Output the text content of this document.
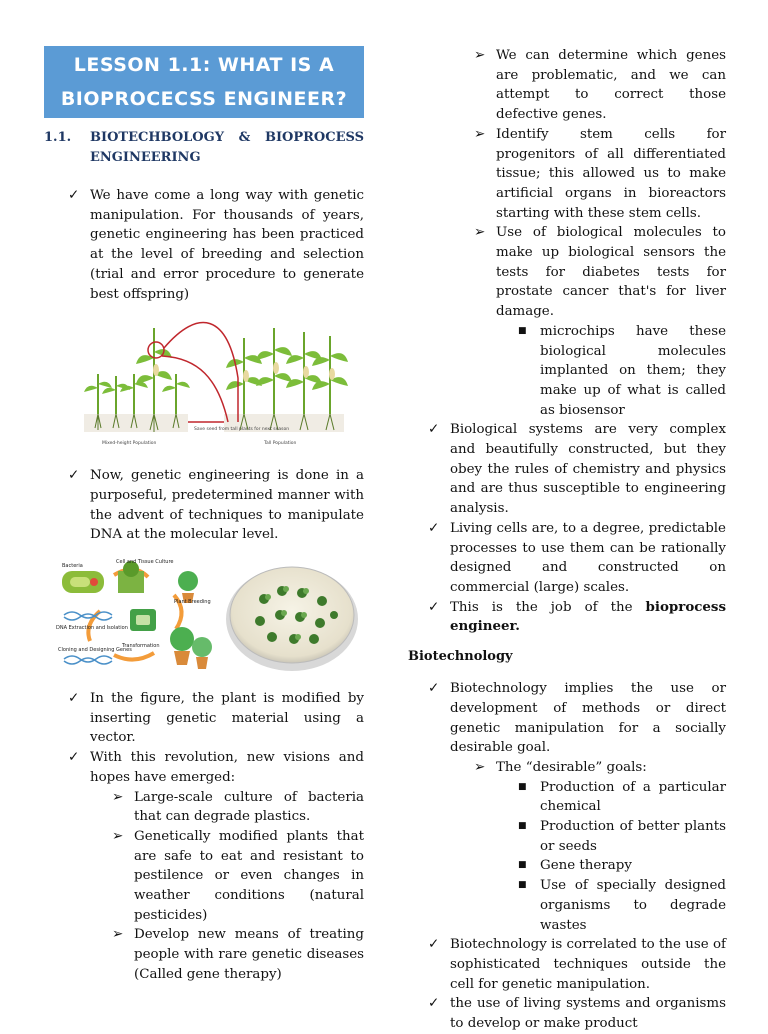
LESSON 1.1: WHAT IS A BIOPROCECSS ENGINEER?
1.1.	BIOTECHBOLOGY & BIOPROCESS ENGINEERING
✓ We have come a long way with genetic manipulation. For thousands of years, genetic engineering has been practiced at the level of breeding and selection (trial and error procedure to generate best offspring)
Mixed-height Population
Save seed from tall plants for next season
Tall Population
✓ Now, genetic engineering is done in a purposeful, predetermined manner with the advent of techniques to manipulate DNA at the molecular level.
Bacteria
Cell and Tissue Culture
Plant Breeding
DNA Extraction and Isolation
Cloning and Designing Genes
Transformation
✓ In the figure, the plant is modified by inserting genetic material using a vector.
✓ With this revolution, new visions and hopes have emerged:
➢ Large-scale culture of bacteria that can degrade plastics.
➢ Genetically modified plants that are safe to eat and resistant to pestilence or even changes in weather conditions (natural pesticides)
➢ Develop new means of treating people with rare genetic diseases (Called gene therapy)
➢ We can determine which genes are problematic, and we can attempt to correct those defective genes.
➢ Identify stem cells for progenitors of all differentiated tissue; this allowed us to make artificial organs in bioreactors starting with these stem cells.
➢ Use of biological molecules to make up biological sensors the tests for diabetes tests for prostate cancer that's for liver damage.
■	microchips have these biological molecules implanted on them; they make up of what is called as biosensor
✓ Biological systems are very complex and beautifully constructed, but they obey the rules of chemistry and physics and are thus susceptible to engineering analysis.
✓ Living cells are, to a degree, predictable processes to use them can be rationally designed and constructed on commercial (large) scales.
✓ This is the job of the bioprocess engineer.
Biotechnology
✓ Biotechnology implies the use or development of methods or direct genetic manipulation for a socially desirable goal.
➢ The “desirable” goals:
■	Production of a particular chemical
■	Production of better plants or seeds
■	Gene therapy
■	Use of specially designed organisms to degrade wastes
✓ Biotechnology is correlated to the use of sophisticated techniques outside the cell for genetic manipulation.
✓ the use of living systems and organisms to develop or make product
